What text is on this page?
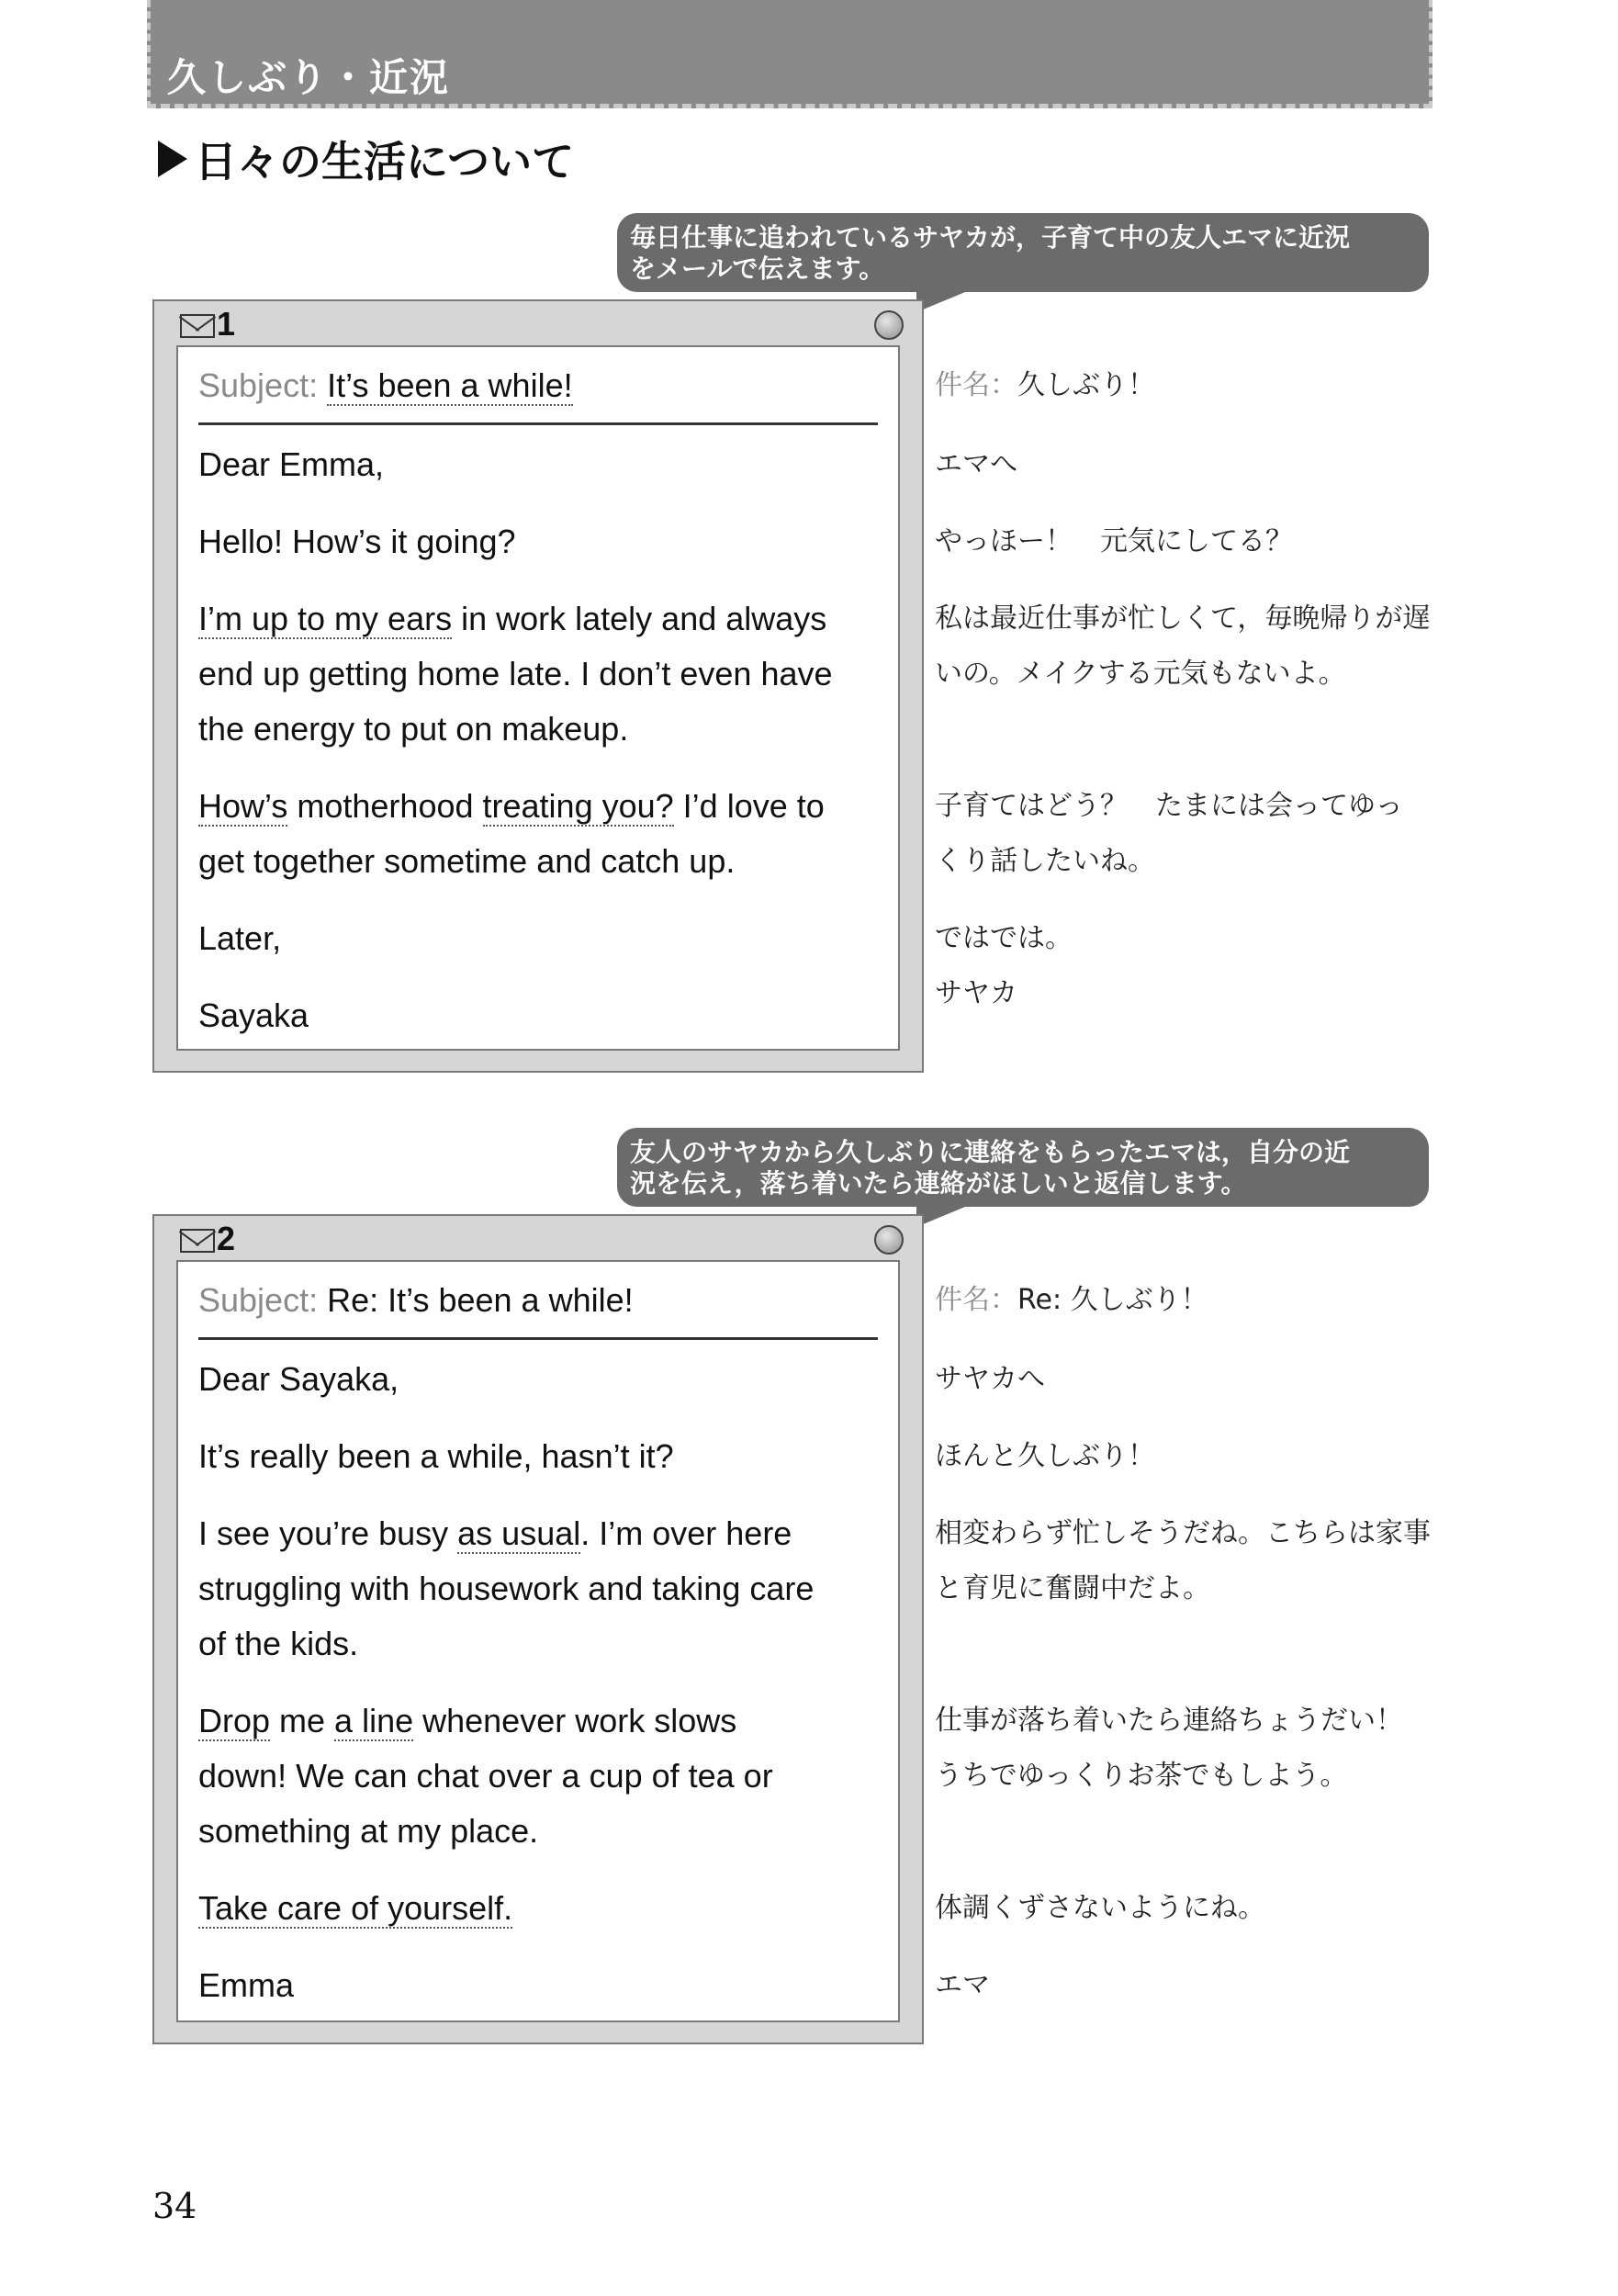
久しぶり・近況
日々の生活について
毎日仕事に追われているサヤカが，子育て中の友人エマに近況
をメールで伝えます。
1
Subject: It’s been a while!
Dear Emma,
Hello! How’s it going?
I’m up to my ears in work lately and always
end up getting home late. I don’t even have
the energy to put on makeup.
How’s motherhood treating you? I’d love to
get together sometime and catch up.
Later,
Sayaka
件名：久しぶり！
エマへ
やっほー！　元気にしてる？
私は最近仕事が忙しくて，毎晩帰りが遅
いの。メイクする元気もないよ。
子育てはどう？　たまには会ってゆっ
くり話したいね。
ではでは。
サヤカ
友人のサヤカから久しぶりに連絡をもらったエマは，自分の近
況を伝え，落ち着いたら連絡がほしいと返信します。
2
Subject: Re: It’s been a while!
Dear Sayaka,
It’s really been a while, hasn’t it?
I see you’re busy as usual. I’m over here
struggling with housework and taking care
of the kids.
Drop me a line whenever work slows
down! We can chat over a cup of tea or
something at my place.
Take care of yourself.
Emma
件名：Re: 久しぶり！
サヤカへ
ほんと久しぶり！
相変わらず忙しそうだね。こちらは家事
と育児に奮闘中だよ。
仕事が落ち着いたら連絡ちょうだい！
うちでゆっくりお茶でもしよう。
体調くずさないようにね。
エマ
34
